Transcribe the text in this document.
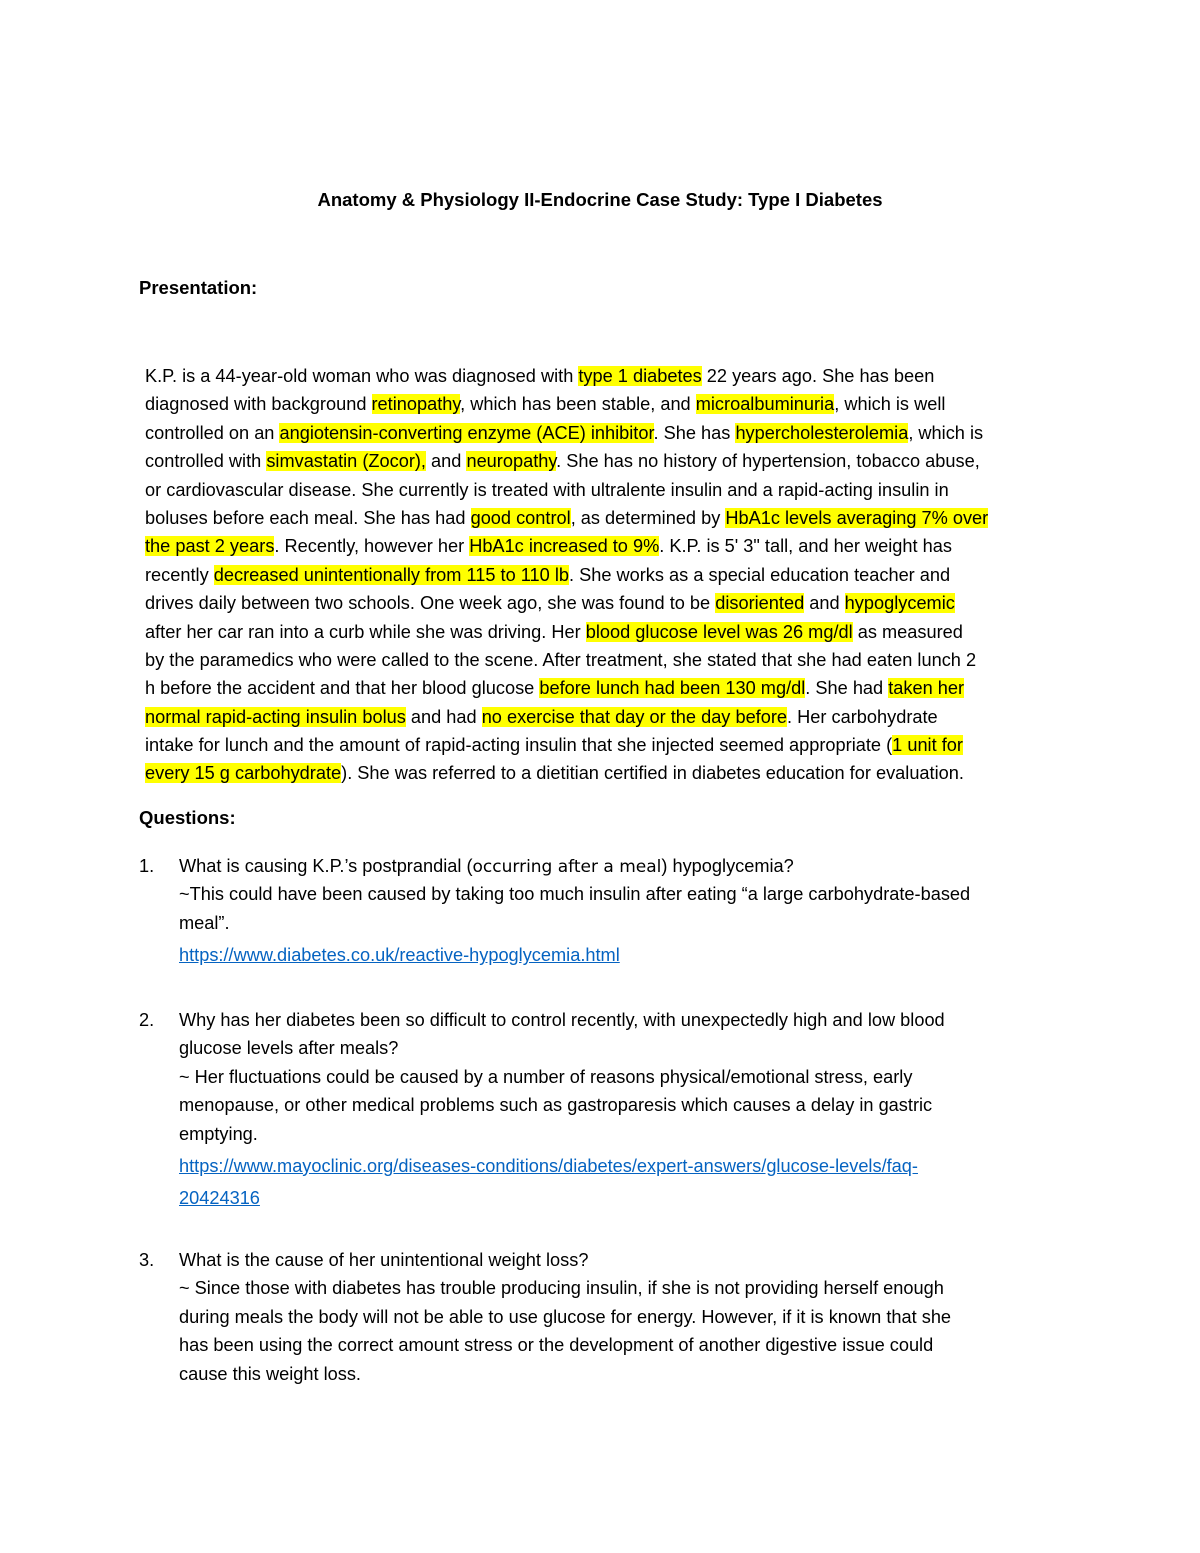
Anatomy & Physiology II-Endocrine Case Study: Type I Diabetes
Presentation:
K.P. is a 44-year-old woman who was diagnosed with type 1 diabetes 22 years ago. She has been
diagnosed with background retinopathy, which has been stable, and microalbuminuria, which is well
controlled on an angiotensin-converting enzyme (ACE) inhibitor. She has hypercholesterolemia, which is
controlled with simvastatin (Zocor), and neuropathy. She has no history of hypertension, tobacco abuse,
or cardiovascular disease. She currently is treated with ultralente insulin and a rapid-acting insulin in
boluses before each meal. She has had good control, as determined by HbA1c levels averaging 7% over
the past 2 years. Recently, however her HbA1c increased to 9%. K.P. is 5' 3" tall, and her weight has
recently decreased unintentionally from 115 to 110 lb. She works as a special education teacher and
drives daily between two schools. One week ago, she was found to be disoriented and hypoglycemic
after her car ran into a curb while she was driving. Her blood glucose level was 26 mg/dl as measured
by the paramedics who were called to the scene. After treatment, she stated that she had eaten lunch 2
h before the accident and that her blood glucose before lunch had been 130 mg/dl. She had taken her
normal rapid-acting insulin bolus and had no exercise that day or the day before. Her carbohydrate
intake for lunch and the amount of rapid-acting insulin that she injected seemed appropriate (1 unit for
every 15 g carbohydrate). She was referred to a dietitian certified in diabetes education for evaluation.
Questions:
1. What is causing K.P.’s postprandial (occurring after a meal) hypoglycemia?
~This could have been caused by taking too much insulin after eating “a large carbohydrate-based
meal”.
https://www.diabetes.co.uk/reactive-hypoglycemia.html
2. Why has her diabetes been so difficult to control recently, with unexpectedly high and low blood
glucose levels after meals?
~ Her fluctuations could be caused by a number of reasons physical/emotional stress, early
menopause, or other medical problems such as gastroparesis which causes a delay in gastric
emptying.
https://www.mayoclinic.org/diseases-conditions/diabetes/expert-answers/glucose-levels/faq-
20424316
3. What is the cause of her unintentional weight loss?
~ Since those with diabetes has trouble producing insulin, if she is not providing herself enough
during meals the body will not be able to use glucose for energy. However, if it is known that she
has been using the correct amount stress or the development of another digestive issue could
cause this weight loss.
